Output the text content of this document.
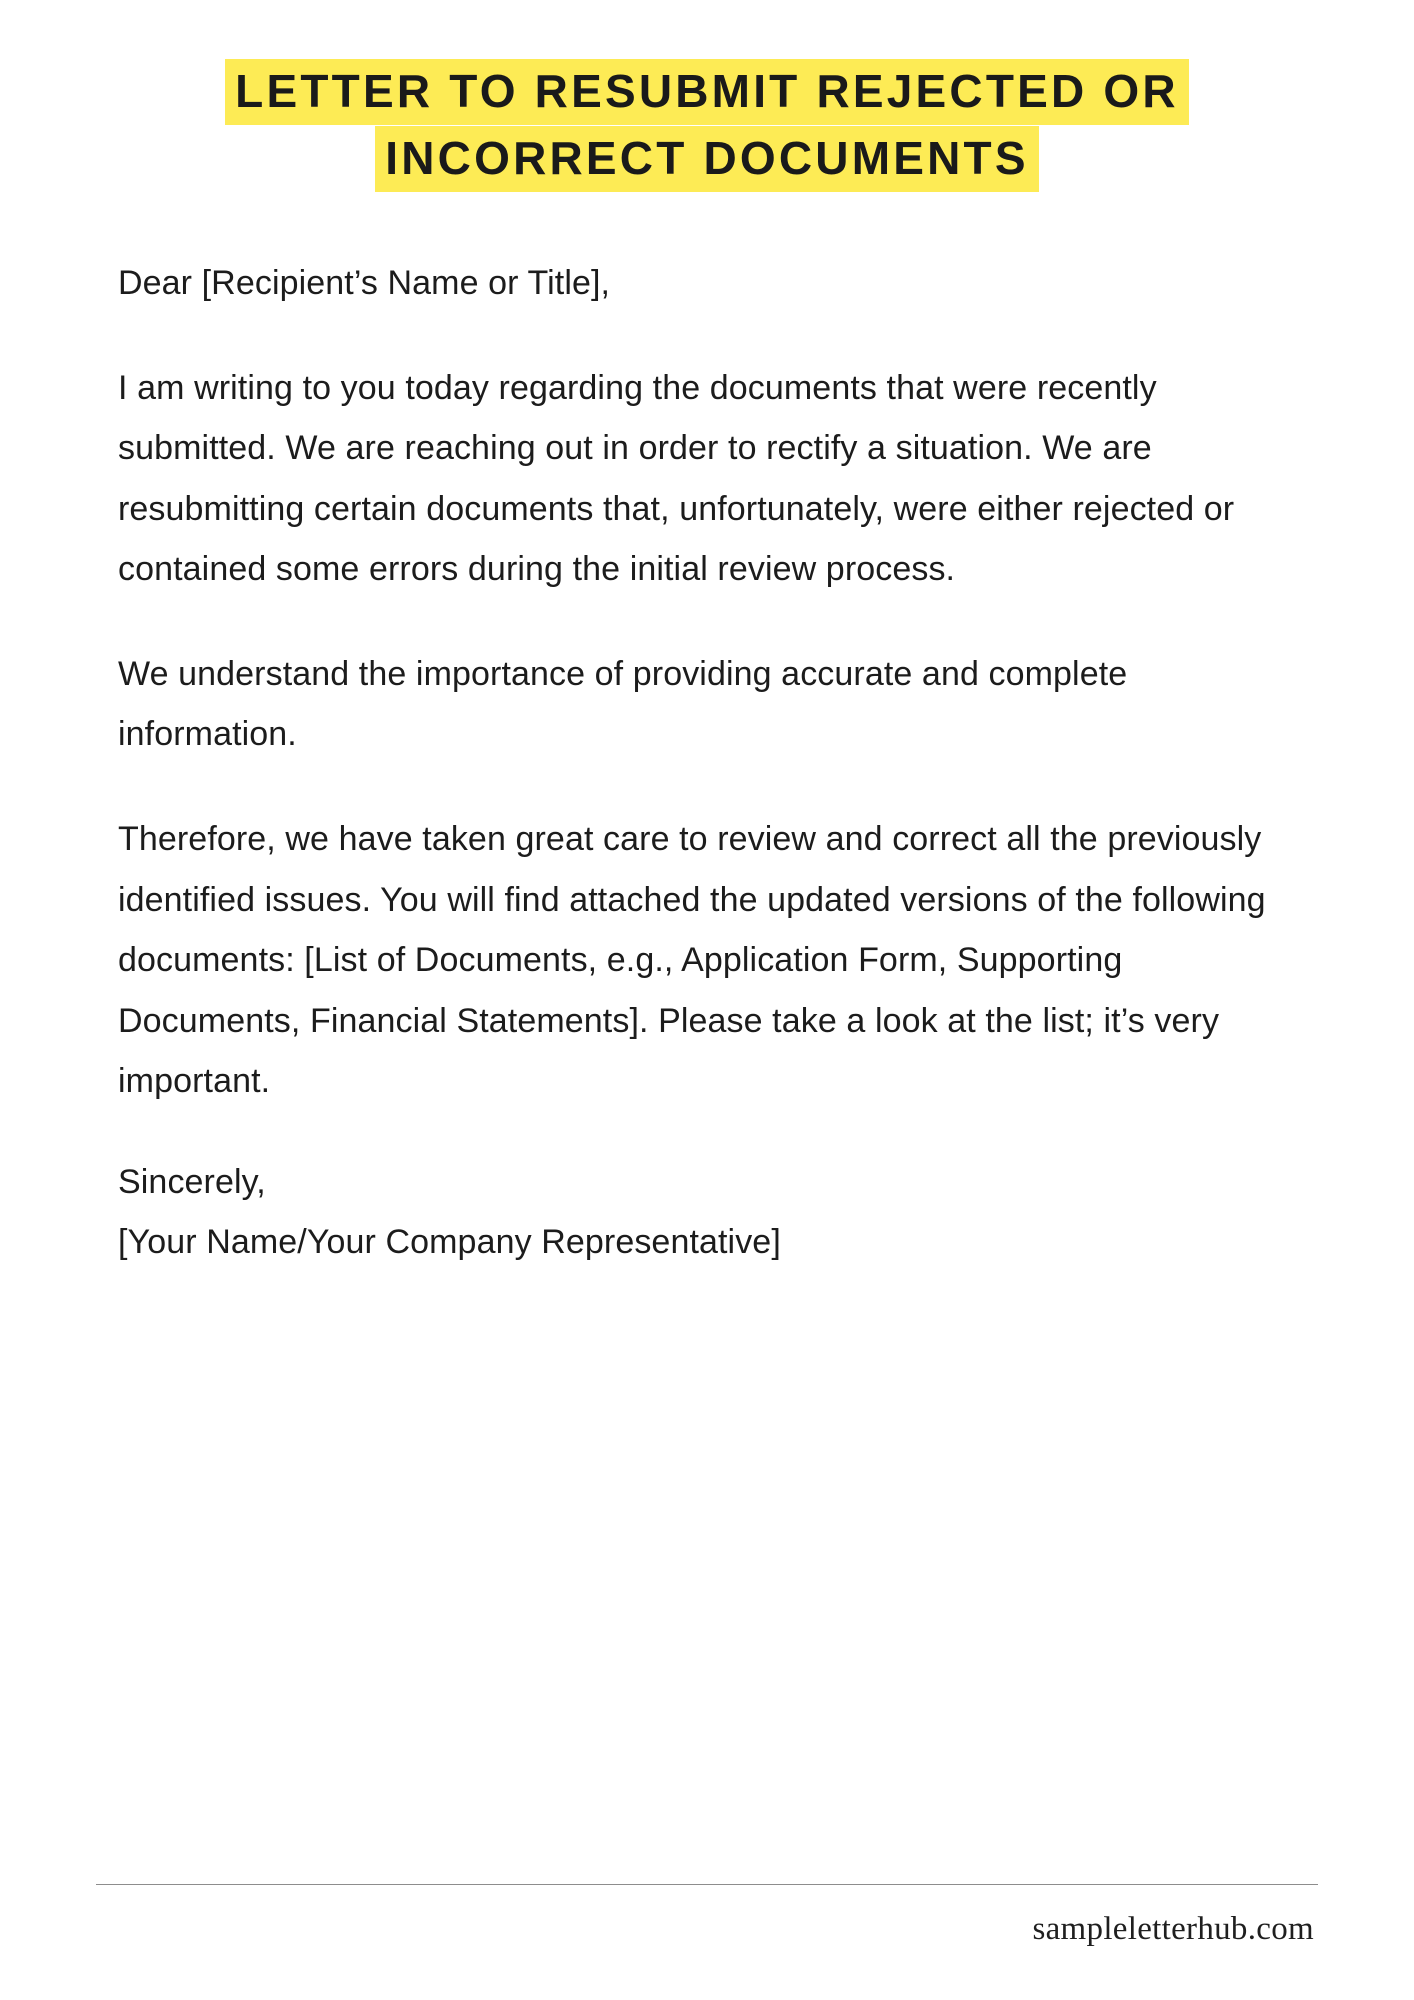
LETTER TO RESUBMIT REJECTED OR
INCORRECT DOCUMENTS

Dear [Recipient’s Name or Title],

I am writing to you today regarding the documents that were recently submitted. We are reaching out in order to rectify a situation. We are resubmitting certain documents that, unfortunately, were either rejected or contained some errors during the initial review process.

We understand the importance of providing accurate and complete information.

Therefore, we have taken great care to review and correct all the previously identified issues. You will find attached the updated versions of the following documents: [List of Documents, e.g., Application Form, Supporting Documents, Financial Statements]. Please take a look at the list; it’s very important.

Sincerely,

[Your Name/Your Company Representative]

sampleletterhub.com
